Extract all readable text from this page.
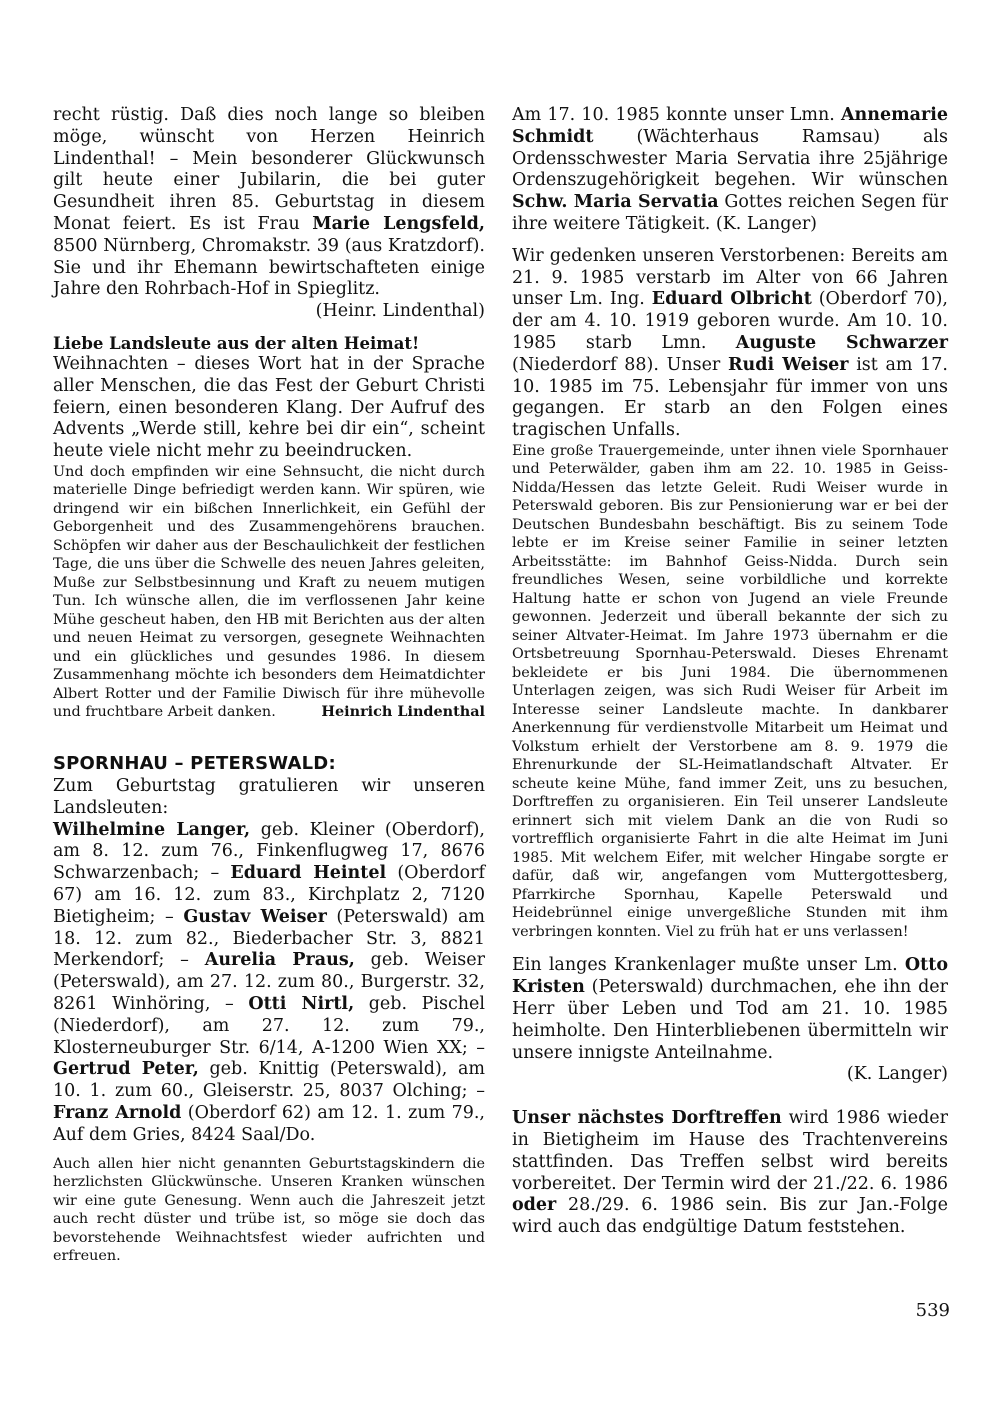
recht rüstig. Daß dies noch lange so bleiben möge, wünscht von Herzen Heinrich Lindenthal! – Mein besonderer Glückwunsch gilt heute einer Jubilarin, die bei guter Gesundheit ihren 85. Geburtstag in diesem Monat feiert. Es ist Frau Marie Lengsfeld, 8500 Nürnberg, Chromakstr. 39 (aus Kratzdorf). Sie und ihr Ehemann bewirtschafteten einige Jahre den Rohrbach-Hof in Spieglitz.

(Heinr. Lindenthal)

Liebe Landsleute aus der alten Heimat!

Weihnachten – dieses Wort hat in der Sprache aller Menschen, die das Fest der Geburt Christi feiern, einen besonderen Klang. Der Aufruf des Advents „Werde still, kehre bei dir ein“, scheint heute viele nicht mehr zu beeindrucken.

Und doch empfinden wir eine Sehnsucht, die nicht durch materielle Dinge befriedigt werden kann. Wir spüren, wie dringend wir ein bißchen Innerlichkeit, ein Gefühl der Geborgenheit und des Zusammengehörens brauchen. Schöpfen wir daher aus der Beschaulichkeit der festlichen Tage, die uns über die Schwelle des neuen Jahres geleiten, Muße zur Selbstbesinnung und Kraft zu neuem mutigen Tun. Ich wünsche allen, die im verflossenen Jahr keine Mühe gescheut haben, den HB mit Berichten aus der alten und neuen Heimat zu versorgen, gesegnete Weihnachten und ein glückliches und gesundes 1986. In diesem Zusammenhang möchte ich besonders dem Heimatdichter Albert Rotter und der Familie Diwisch für ihre mühevolle und fruchtbare Arbeit danken.	Heinrich Lindenthal

SPORNHAU – PETERSWALD:

Zum Geburtstag gratulieren wir unseren Landsleuten:

Wilhelmine Langer, geb. Kleiner (Oberdorf), am 8. 12. zum 76., Finkenflugweg 17, 8676 Schwarzenbach; – Eduard Heintel (Oberdorf 67) am 16. 12. zum 83., Kirchplatz 2, 7120 Bietigheim; – Gustav Weiser (Peterswald) am 18. 12. zum 82., Biederbacher Str. 3, 8821 Merkendorf; – Aurelia Praus, geb. Weiser (Peterswald), am 27. 12. zum 80., Burgerstr. 32, 8261 Winhöring, – Otti Nirtl, geb. Pischel (Niederdorf), am 27. 12. zum 79., Klosterneuburger Str. 6/14, A-1200 Wien XX; – Gertrud Peter, geb. Knittig (Peterswald), am 10. 1. zum 60., Gleiserstr. 25, 8037 Olching; – Franz Arnold (Oberdorf 62) am 12. 1. zum 79., Auf dem Gries, 8424 Saal/Do.

Auch allen hier nicht genannten Geburtstagskindern die herzlichsten Glückwünsche. Unseren Kranken wünschen wir eine gute Genesung. Wenn auch die Jahreszeit jetzt auch recht düster und trübe ist, so möge sie doch das bevorstehende Weihnachtsfest wieder aufrichten und erfreuen.

Am 17. 10. 1985 konnte unser Lmn. Annemarie Schmidt (Wächterhaus Ramsau) als Ordensschwester Maria Servatia ihre 25jährige Ordenszugehörigkeit begehen. Wir wünschen Schw. Maria Servatia Gottes reichen Segen für ihre weitere Tätigkeit. (K. Langer)

Wir gedenken unseren Verstorbenen: Bereits am 21. 9. 1985 verstarb im Alter von 66 Jahren unser Lm. Ing. Eduard Olbricht (Oberdorf 70), der am 4. 10. 1919 geboren wurde. Am 10. 10. 1985 starb Lmn. Auguste Schwarzer (Niederdorf 88). Unser Rudi Weiser ist am 17. 10. 1985 im 75. Lebensjahr für immer von uns gegangen. Er starb an den Folgen eines tragischen Unfalls.

Eine große Trauergemeinde, unter ihnen viele Spornhauer und Peterwälder, gaben ihm am 22. 10. 1985 in Geiss-Nidda/Hessen das letzte Geleit. Rudi Weiser wurde in Peterswald geboren. Bis zur Pensionierung war er bei der Deutschen Bundesbahn beschäftigt. Bis zu seinem Tode lebte er im Kreise seiner Familie in seiner letzten Arbeitsstätte: im Bahnhof Geiss-Nidda. Durch sein freundliches Wesen, seine vorbildliche und korrekte Haltung hatte er schon von Jugend an viele Freunde gewonnen. Jederzeit und überall bekannte der sich zu seiner Altvater-Heimat. Im Jahre 1973 übernahm er die Ortsbetreuung Spornhau-Peterswald. Dieses Ehrenamt bekleidete er bis Juni 1984. Die übernommenen Unterlagen zeigen, was sich Rudi Weiser für Arbeit im Interesse seiner Landsleute machte. In dankbarer Anerkennung für verdienstvolle Mitarbeit um Heimat und Volkstum erhielt der Verstorbene am 8. 9. 1979 die Ehrenurkunde der SL-Heimatlandschaft Altvater. Er scheute keine Mühe, fand immer Zeit, uns zu besuchen, Dorftreffen zu organisieren. Ein Teil unserer Landsleute erinnert sich mit vielem Dank an die von Rudi so vortrefflich organisierte Fahrt in die alte Heimat im Juni 1985. Mit welchem Eifer, mit welcher Hingabe sorgte er dafür, daß wir, angefangen vom Muttergottesberg, Pfarrkirche Spornhau, Kapelle Peterswald und Heidebrünnel einige unvergeßliche Stunden mit ihm verbringen konnten. Viel zu früh hat er uns verlassen!

Ein langes Krankenlager mußte unser Lm. Otto Kristen (Peterswald) durchmachen, ehe ihn der Herr über Leben und Tod am 21. 10. 1985 heimholte. Den Hinterbliebenen übermitteln wir unsere innigste Anteilnahme.

(K. Langer)

Unser nächstes Dorftreffen wird 1986 wieder in Bietigheim im Hause des Trachtenvereins stattfinden. Das Treffen selbst wird bereits vorbereitet. Der Termin wird der 21./22. 6. 1986 oder 28./29. 6. 1986 sein. Bis zur Jan.-Folge wird auch das endgültige Datum feststehen.

539
